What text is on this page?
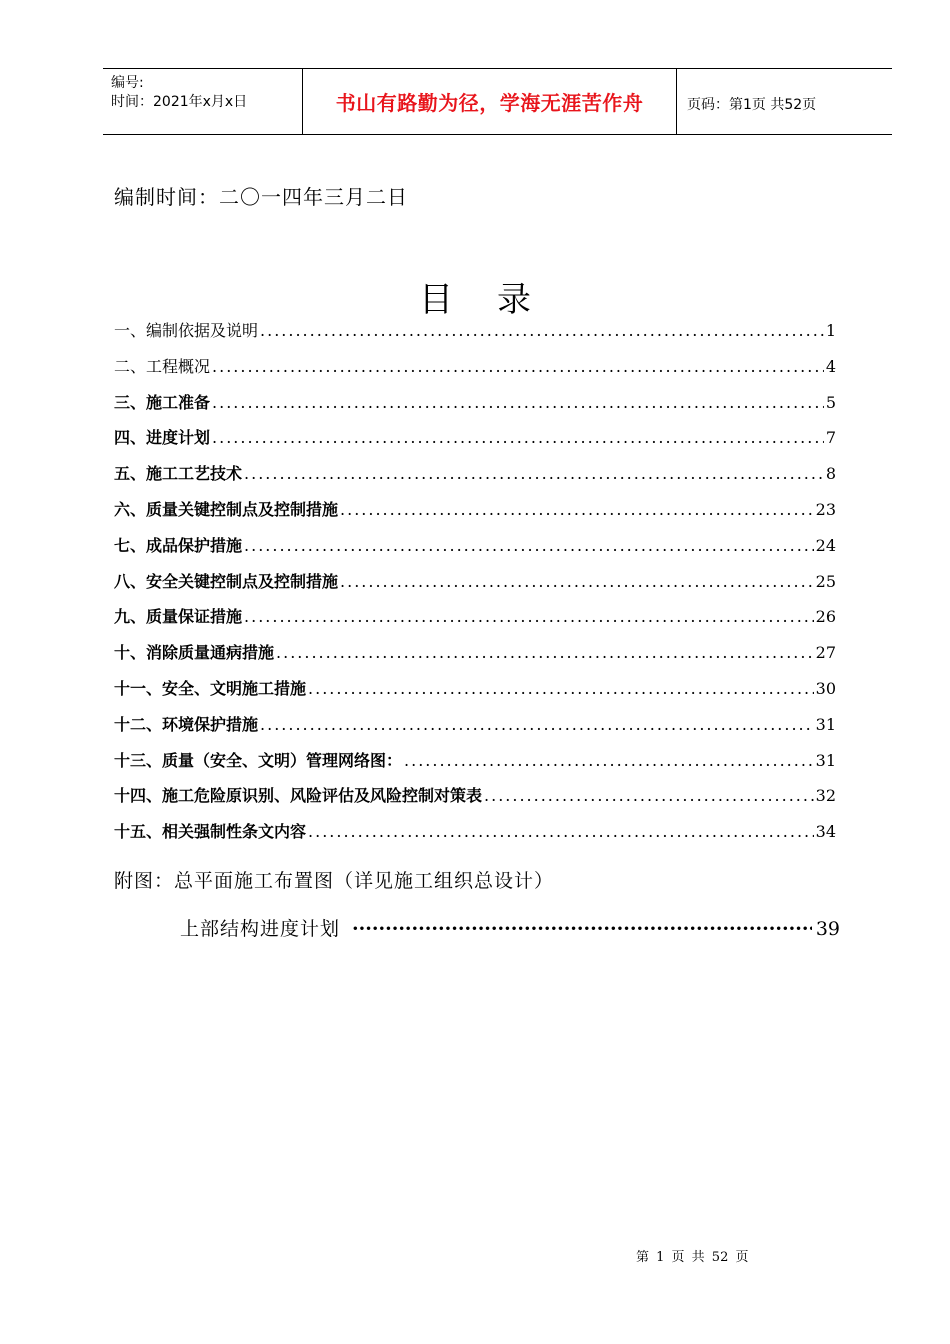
编号:
时间：2021年x月x日	书山有路勤为径，学海无涯苦作舟	页码：第1页 共52页
编制时间：二〇一四年三月二日
目录
一、编制依据及说明 .....	1
二、工程概况 .....	4
三、施工准备 .....	5
四、进度计划 .....	7
五、施工工艺技术 .....	8
六、质量关键控制点及控制措施 .....	23
七、成品保护措施 .....	24
八、安全关键控制点及控制措施 .....	25
九、质量保证措施 .....	26
十、消除质量通病措施 .....	27
十一、安全、文明施工措施 .....	30
十二、环境保护措施 .....	31
十三、质量（安全、文明）管理网络图： .....	31
十四、施工危险原识别、风险评估及风险控制对策表 .....	32
十五、相关强制性条文内容 .....	34
附图：总平面施工布置图（详见施工组织总设计）
上部结构进度计划 ·····	39
第 1 页 共 52 页
